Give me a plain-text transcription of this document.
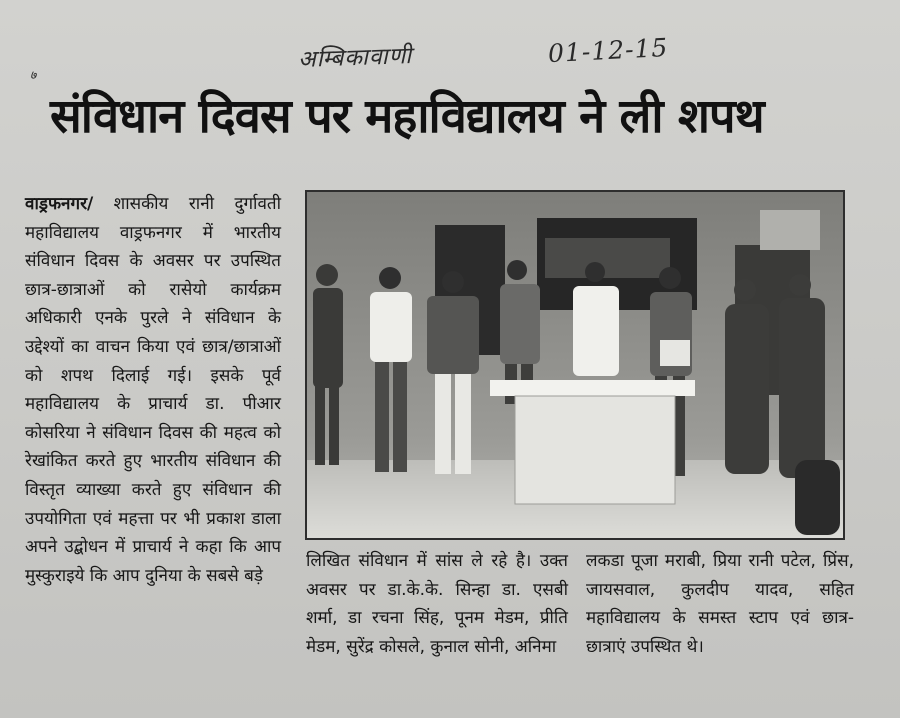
अम्बिकावाणी	01-12-15
७
संविधान दिवस पर महाविद्यालय ने ली शपथ

वाड्रफनगर/ शासकीय रानी दुर्गावती महाविद्यालय वाड्रफनगर में भारतीय संविधान दिवस के अवसर पर उपस्थित छात्र-छात्राओं को रासेयो कार्यक्रम अधिकारी एनके पुरले ने संविधान के उद्देश्यों का वाचन किया एवं छात्र/छात्राओं को शपथ दिलाई गई। इसके पूर्व महाविद्यालय के प्राचार्य डा. पीआर कोसरिया ने संविधान दिवस की महत्व को रेखांकित करते हुए भारतीय संविधान की विस्तृत व्याख्या करते हुए संविधान की उपयोगिता एवं महत्ता पर भी प्रकाश डाला अपने उद्बोधन में प्राचार्य ने कहा कि आप मुस्कुराइये कि आप दुनिया के सबसे बड़े

लिखित संविधान में सांस ले रहे है। उक्त अवसर पर डा.के.के. सिन्हा डा. एसबी शर्मा, डा रचना सिंह, पूनम मेडम, प्रीति मेडम, सुरेंद्र कोसले, कुनाल सोनी, अनिमा

लकडा पूजा मराबी, प्रिया रानी पटेल, प्रिंस, जायसवाल, कुलदीप यादव, सहित महाविद्यालय के समस्त स्टाप एवं छात्र- छात्राएं उपस्थित थे।
